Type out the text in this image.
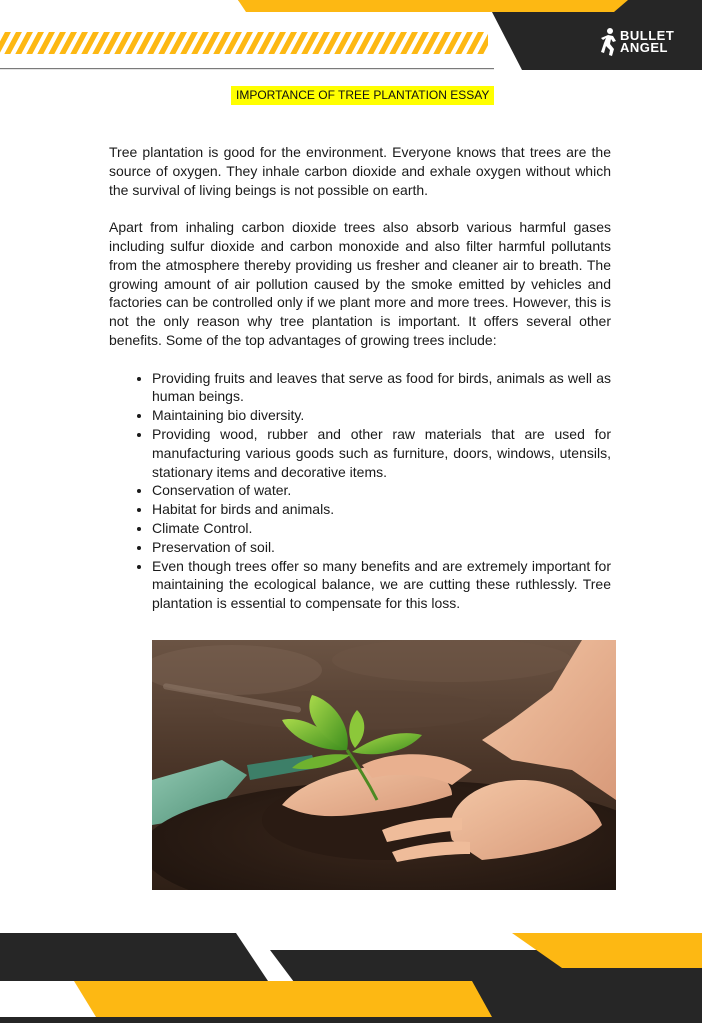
BULLET
ANGEL
IMPORTANCE OF TREE PLANTATION ESSAY

Tree plantation is good for the environment. Everyone knows that trees are the source of oxygen. They inhale carbon dioxide and exhale oxygen without which the survival of living beings is not possible on earth.

Apart from inhaling carbon dioxide trees also absorb various harmful gases including sulfur dioxide and carbon monoxide and also filter harmful pollutants from the atmosphere thereby providing us fresher and cleaner air to breath. The growing amount of air pollution caused by the smoke emitted by vehicles and factories can be controlled only if we plant more and more trees. However, this is not the only reason why tree plantation is important. It offers several other benefits. Some of the top advantages of growing trees include:

• Providing fruits and leaves that serve as food for birds, animals as well as human beings.
• Maintaining bio diversity.
• Providing wood, rubber and other raw materials that are used for manufacturing various goods such as furniture, doors, windows, utensils, stationary items and decorative items.
• Conservation of water.
• Habitat for birds and animals.
• Climate Control.
• Preservation of soil.
• Even though trees offer so many benefits and are extremely important for maintaining the ecological balance, we are cutting these ruthlessly. Tree plantation is essential to compensate for this loss.
